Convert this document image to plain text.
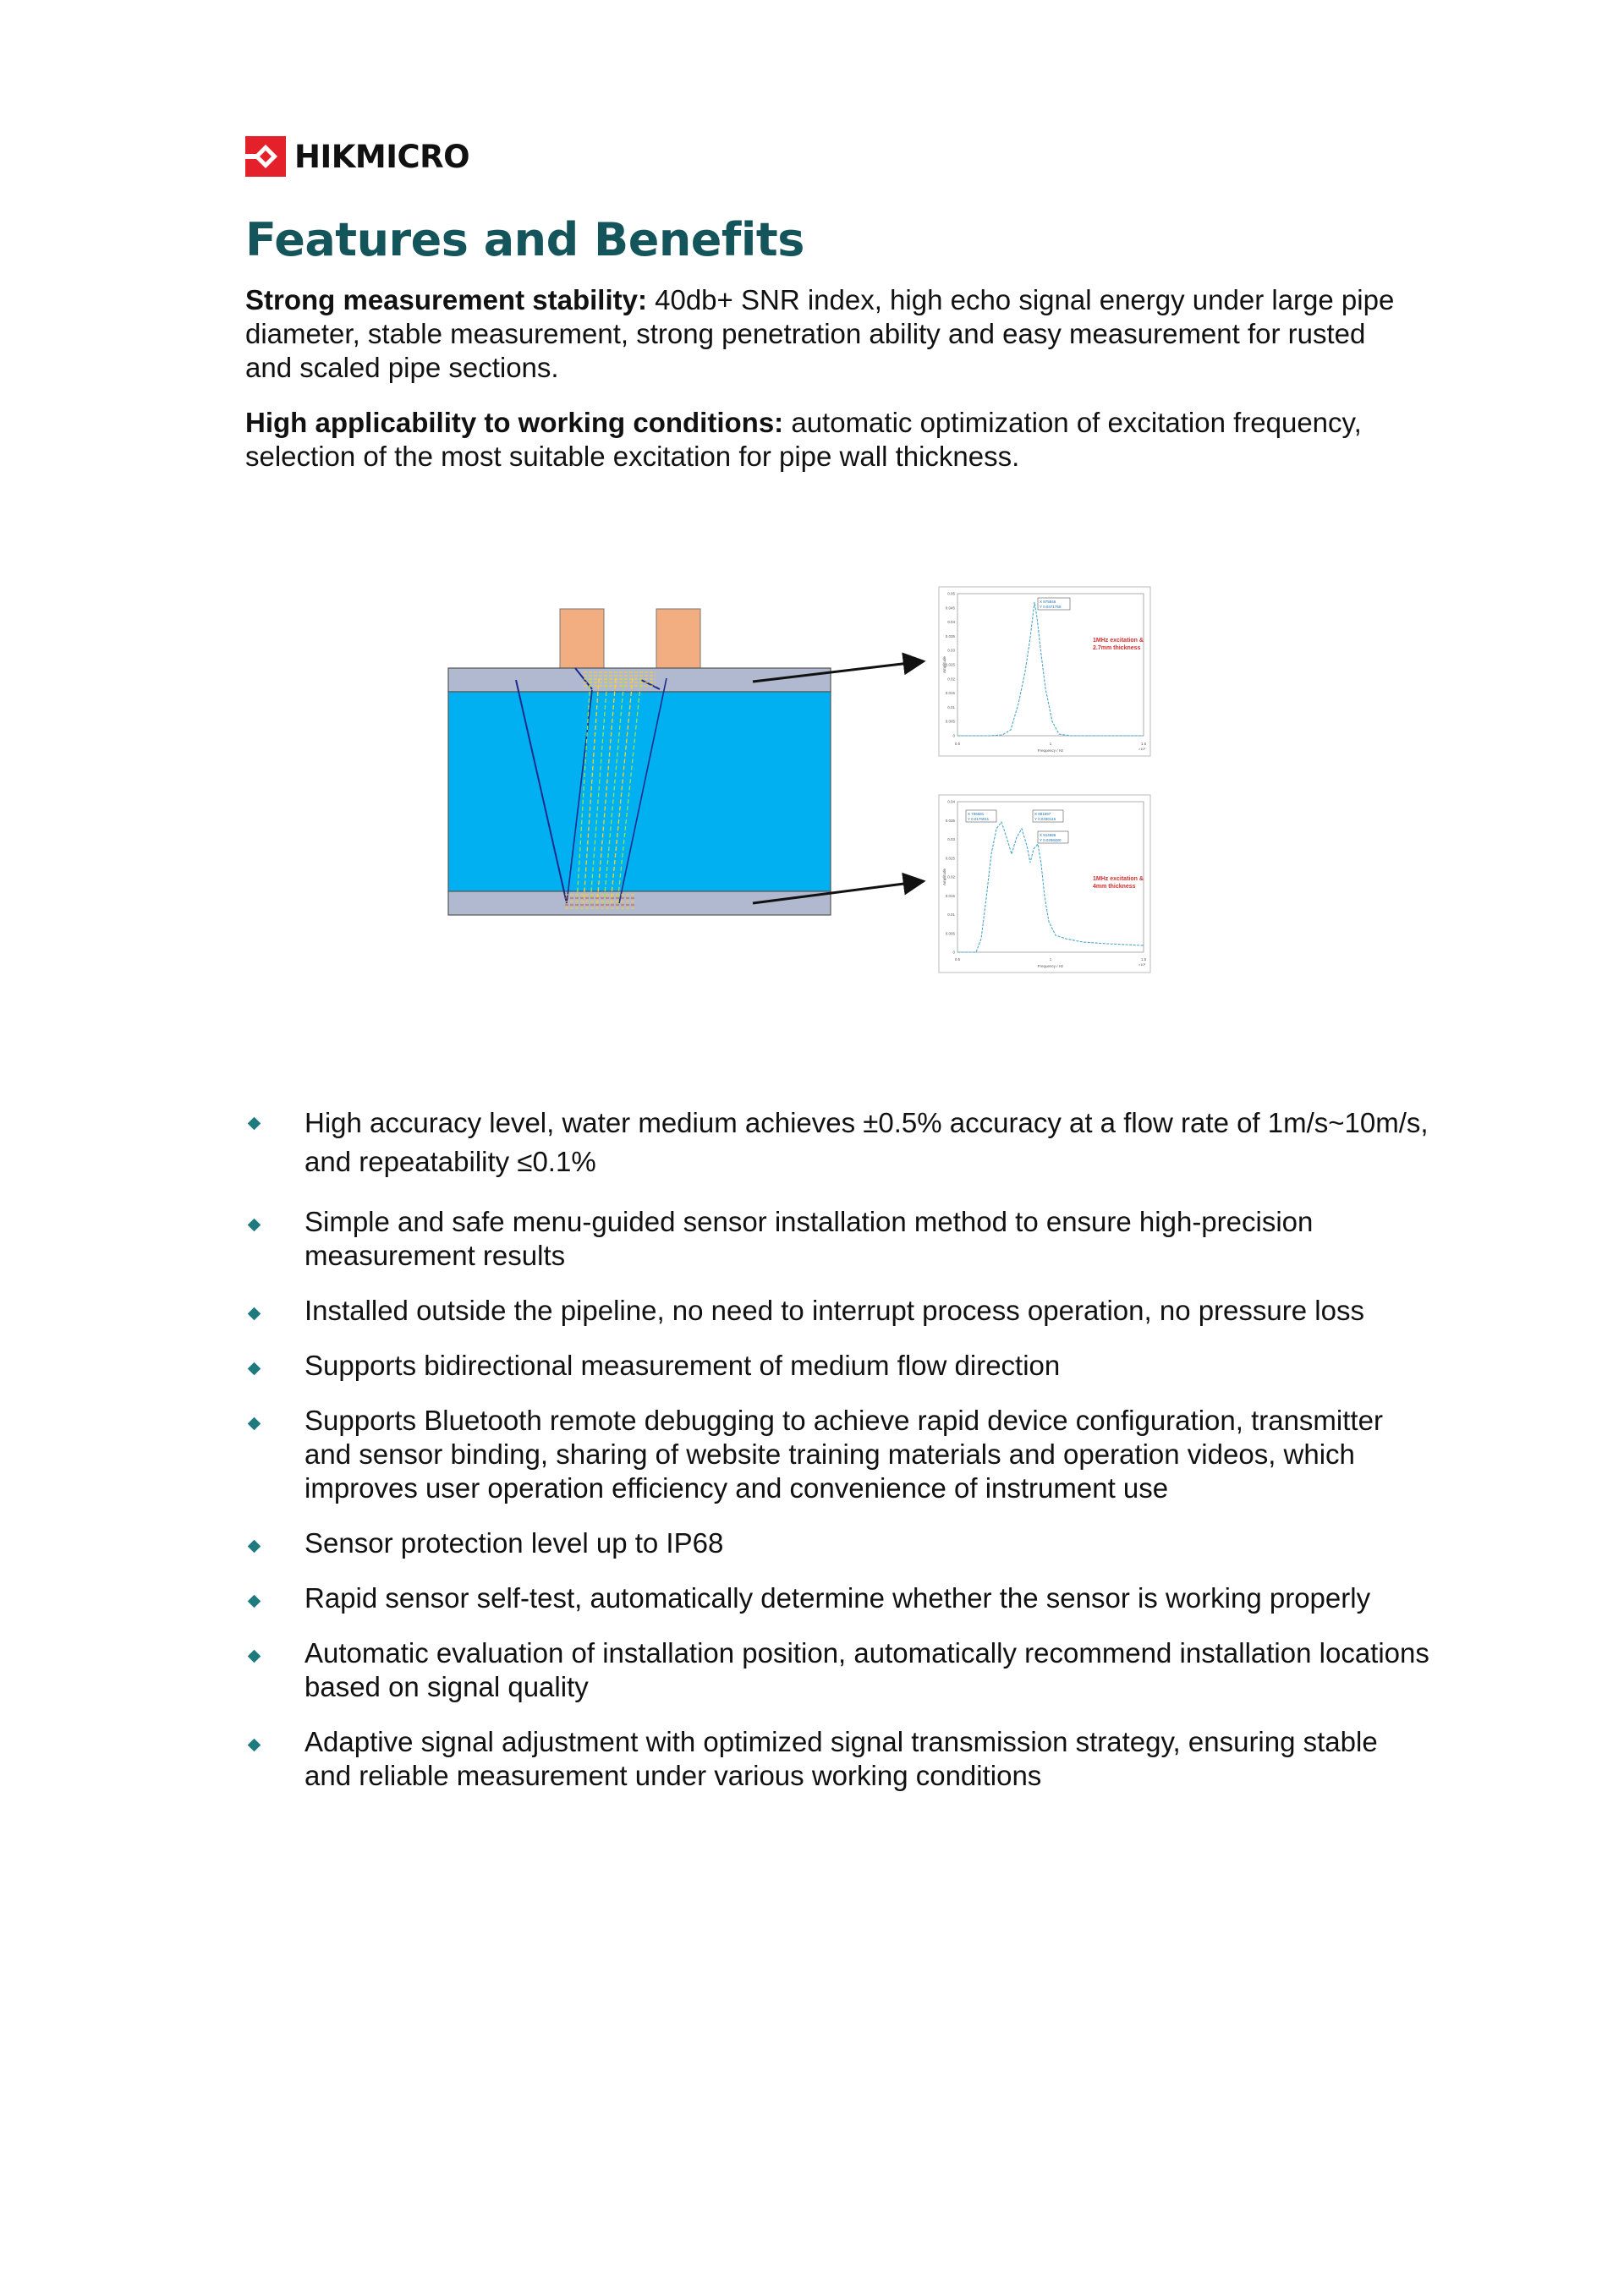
HIKMICRO
Features and Benefits

Strong measurement stability: 40db+ SNR index, high echo signal energy under large pipe diameter, stable measurement, strong penetration ability and easy measurement for rusted and scaled pipe sections.

High applicability to working conditions: automatic optimization of excitation frequency, selection of the most suitable excitation for pipe wall thickness.

0
0.005
0.01
0.015
0.02
0.025
0.03
0.035
0.04
0.045
0.05
0.5	1	1.5
Frequency / Hz	×10⁶
Amplitude
X 975846
Y 0.0471758
1MHz excitation &
2.7mm thickness
0
0.005
0.01
0.015
0.02
0.025
0.03
0.035
0.04
0.5	1	1.5
Frequency / Hz	×10⁶
Amplitude
X 736581
Y 0.0176011
X 881697
Y 0.0330116
X 914986
Y 0.0298480
1MHz excitation &
4mm thickness
High accuracy level, water medium achieves ±0.5% accuracy at a flow rate of 1m/s~10m/s, and repeatability ≤0.1%
Simple and safe menu-guided sensor installation method to ensure high-precision measurement results
Installed outside the pipeline, no need to interrupt process operation, no pressure loss
Supports bidirectional measurement of medium flow direction
Supports Bluetooth remote debugging to achieve rapid device configuration, transmitter and sensor binding, sharing of website training materials and operation videos, which improves user operation efficiency and convenience of instrument use
Sensor protection level up to IP68
Rapid sensor self-test, automatically determine whether the sensor is working properly
Automatic evaluation of installation position, automatically recommend installation locations based on signal quality
Adaptive signal adjustment with optimized signal transmission strategy, ensuring stable and reliable measurement under various working conditions
